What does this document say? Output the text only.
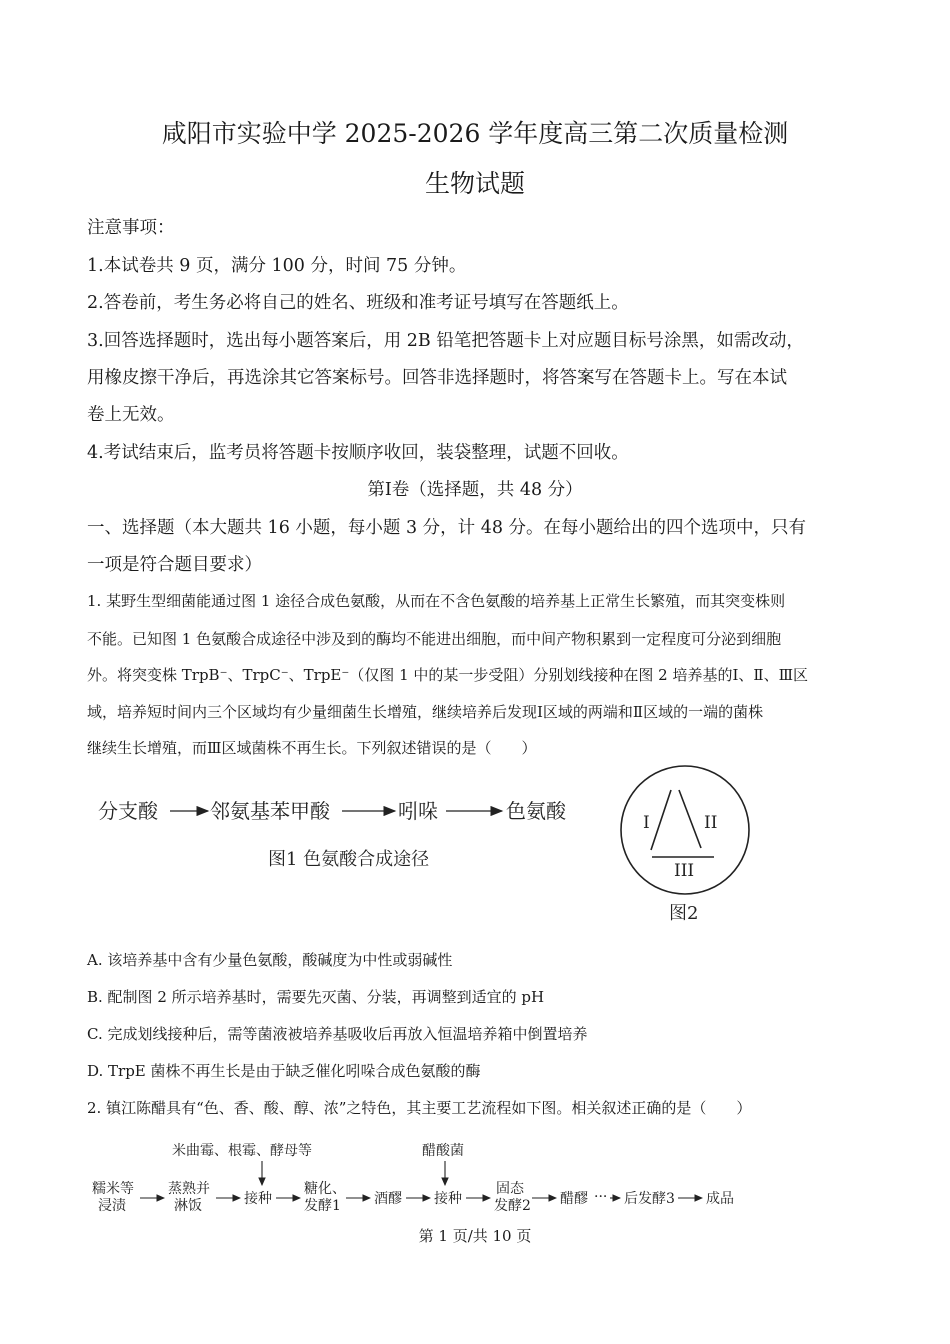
咸阳市实验中学 2025-2026 学年度高三第二次质量检测
生物试题
注意事项：
1.本试卷共 9 页，满分 100 分，时间 75 分钟。
2.答卷前，考生务必将自己的姓名、班级和准考证号填写在答题纸上。
3.回答选择题时，选出每小题答案后，用 2B 铅笔把答题卡上对应题目标号涂黑，如需改动，
用橡皮擦干净后，再选涂其它答案标号。回答非选择题时，将答案写在答题卡上。写在本试
卷上无效。
4.考试结束后，监考员将答题卡按顺序收回，装袋整理，试题不回收。
第Ⅰ卷（选择题，共 48 分）
一、选择题（本大题共 16 小题，每小题 3 分，计 48 分。在每小题给出的四个选项中，只有
一项是符合题目要求）
1. 某野生型细菌能通过图 1 途径合成色氨酸，从而在不含色氨酸的培养基上正常生长繁殖，而其突变株则
不能。已知图 1 色氨酸合成途径中涉及到的酶均不能进出细胞，而中间产物积累到一定程度可分泌到细胞
外。将突变株 TrpB⁻、TrpC⁻、TrpE⁻（仅图 1 中的某一步受阻）分别划线接种在图 2 培养基的Ⅰ、Ⅱ、Ⅲ区
域，培养短时间内三个区域均有少量细菌生长增殖，继续培养后发现Ⅰ区域的两端和Ⅱ区域的一端的菌株
继续生长增殖，而Ⅲ区域菌株不再生长。下列叙述错误的是（　　）
分支酸	邻氨基苯甲酸	吲哚	色氨酸
图1 色氨酸合成途径
I	II
III
图2
A. 该培养基中含有少量色氨酸，酸碱度为中性或弱碱性
B. 配制图 2 所示培养基时，需要先灭菌、分装，再调整到适宜的 pH
C. 完成划线接种后，需等菌液被培养基吸收后再放入恒温培养箱中倒置培养
D. TrpE 菌株不再生长是由于缺乏催化吲哚合成色氨酸的酶
2. 镇江陈醋具有“色、香、酸、醇、浓”之特色，其主要工艺流程如下图。相关叙述正确的是（　　）
米曲霉、根霉、酵母等	醋酸菌
糯米等
浸渍
蒸熟并
淋饭	接种
糖化、
发酵1 酒醪 接种
固态
发酵2 醋醪 ··· 后发酵3 成品
第 1 页/共 10 页
